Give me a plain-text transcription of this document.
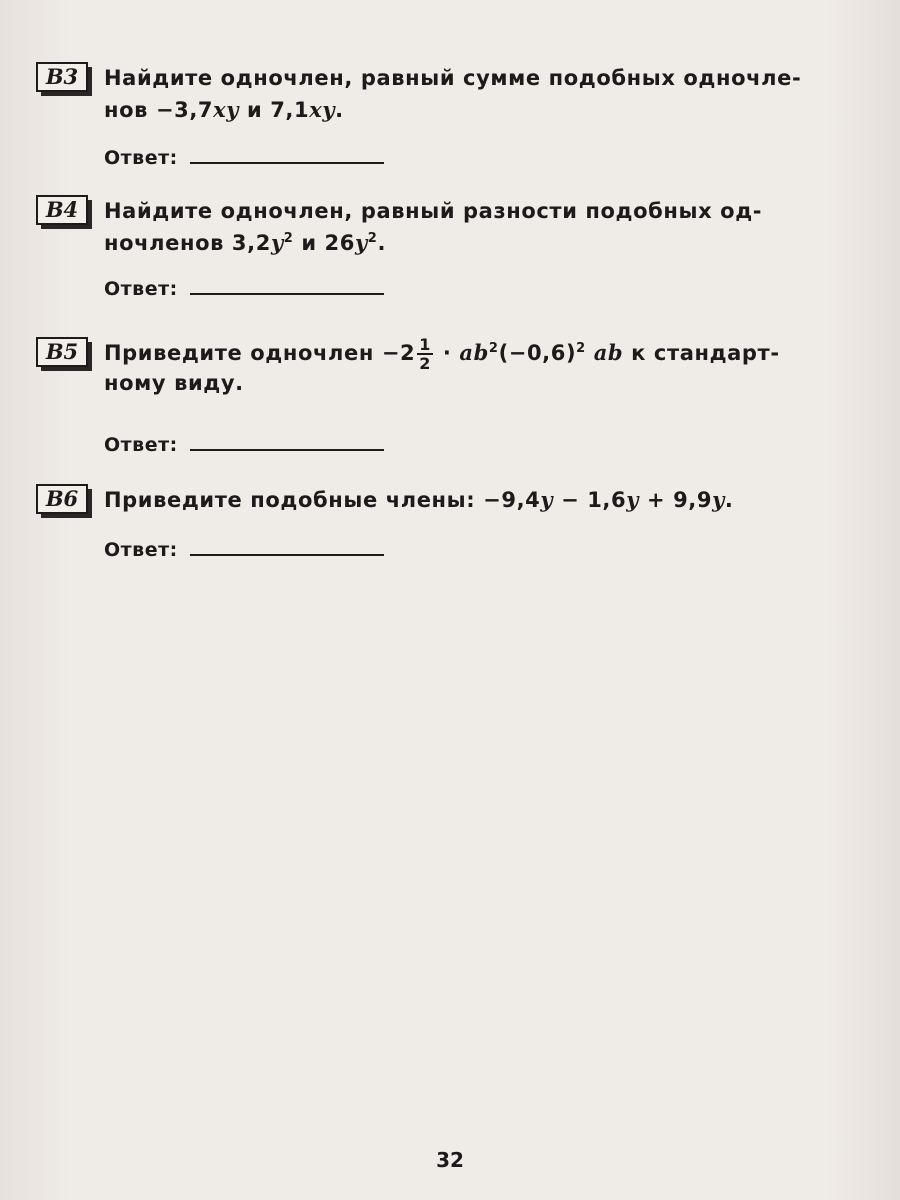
B3	Найдите одночлен, равный сумме подобных одночле-
нов −3,7xy и 7,1xy.
Ответ:
B4	Найдите одночлен, равный разности подобных од-
ночленов $3,2y^2$ и $26y^2$.
Ответ:
B5	Приведите одночлен $-2 \frac{1}{2} \cdot ab^2(-0,6)^2$ ab к стандарт-
ному виду.
Ответ:
B6	Приведите подобные члены: −9,4y − 1,6y + 9,9y.
Ответ:
32
